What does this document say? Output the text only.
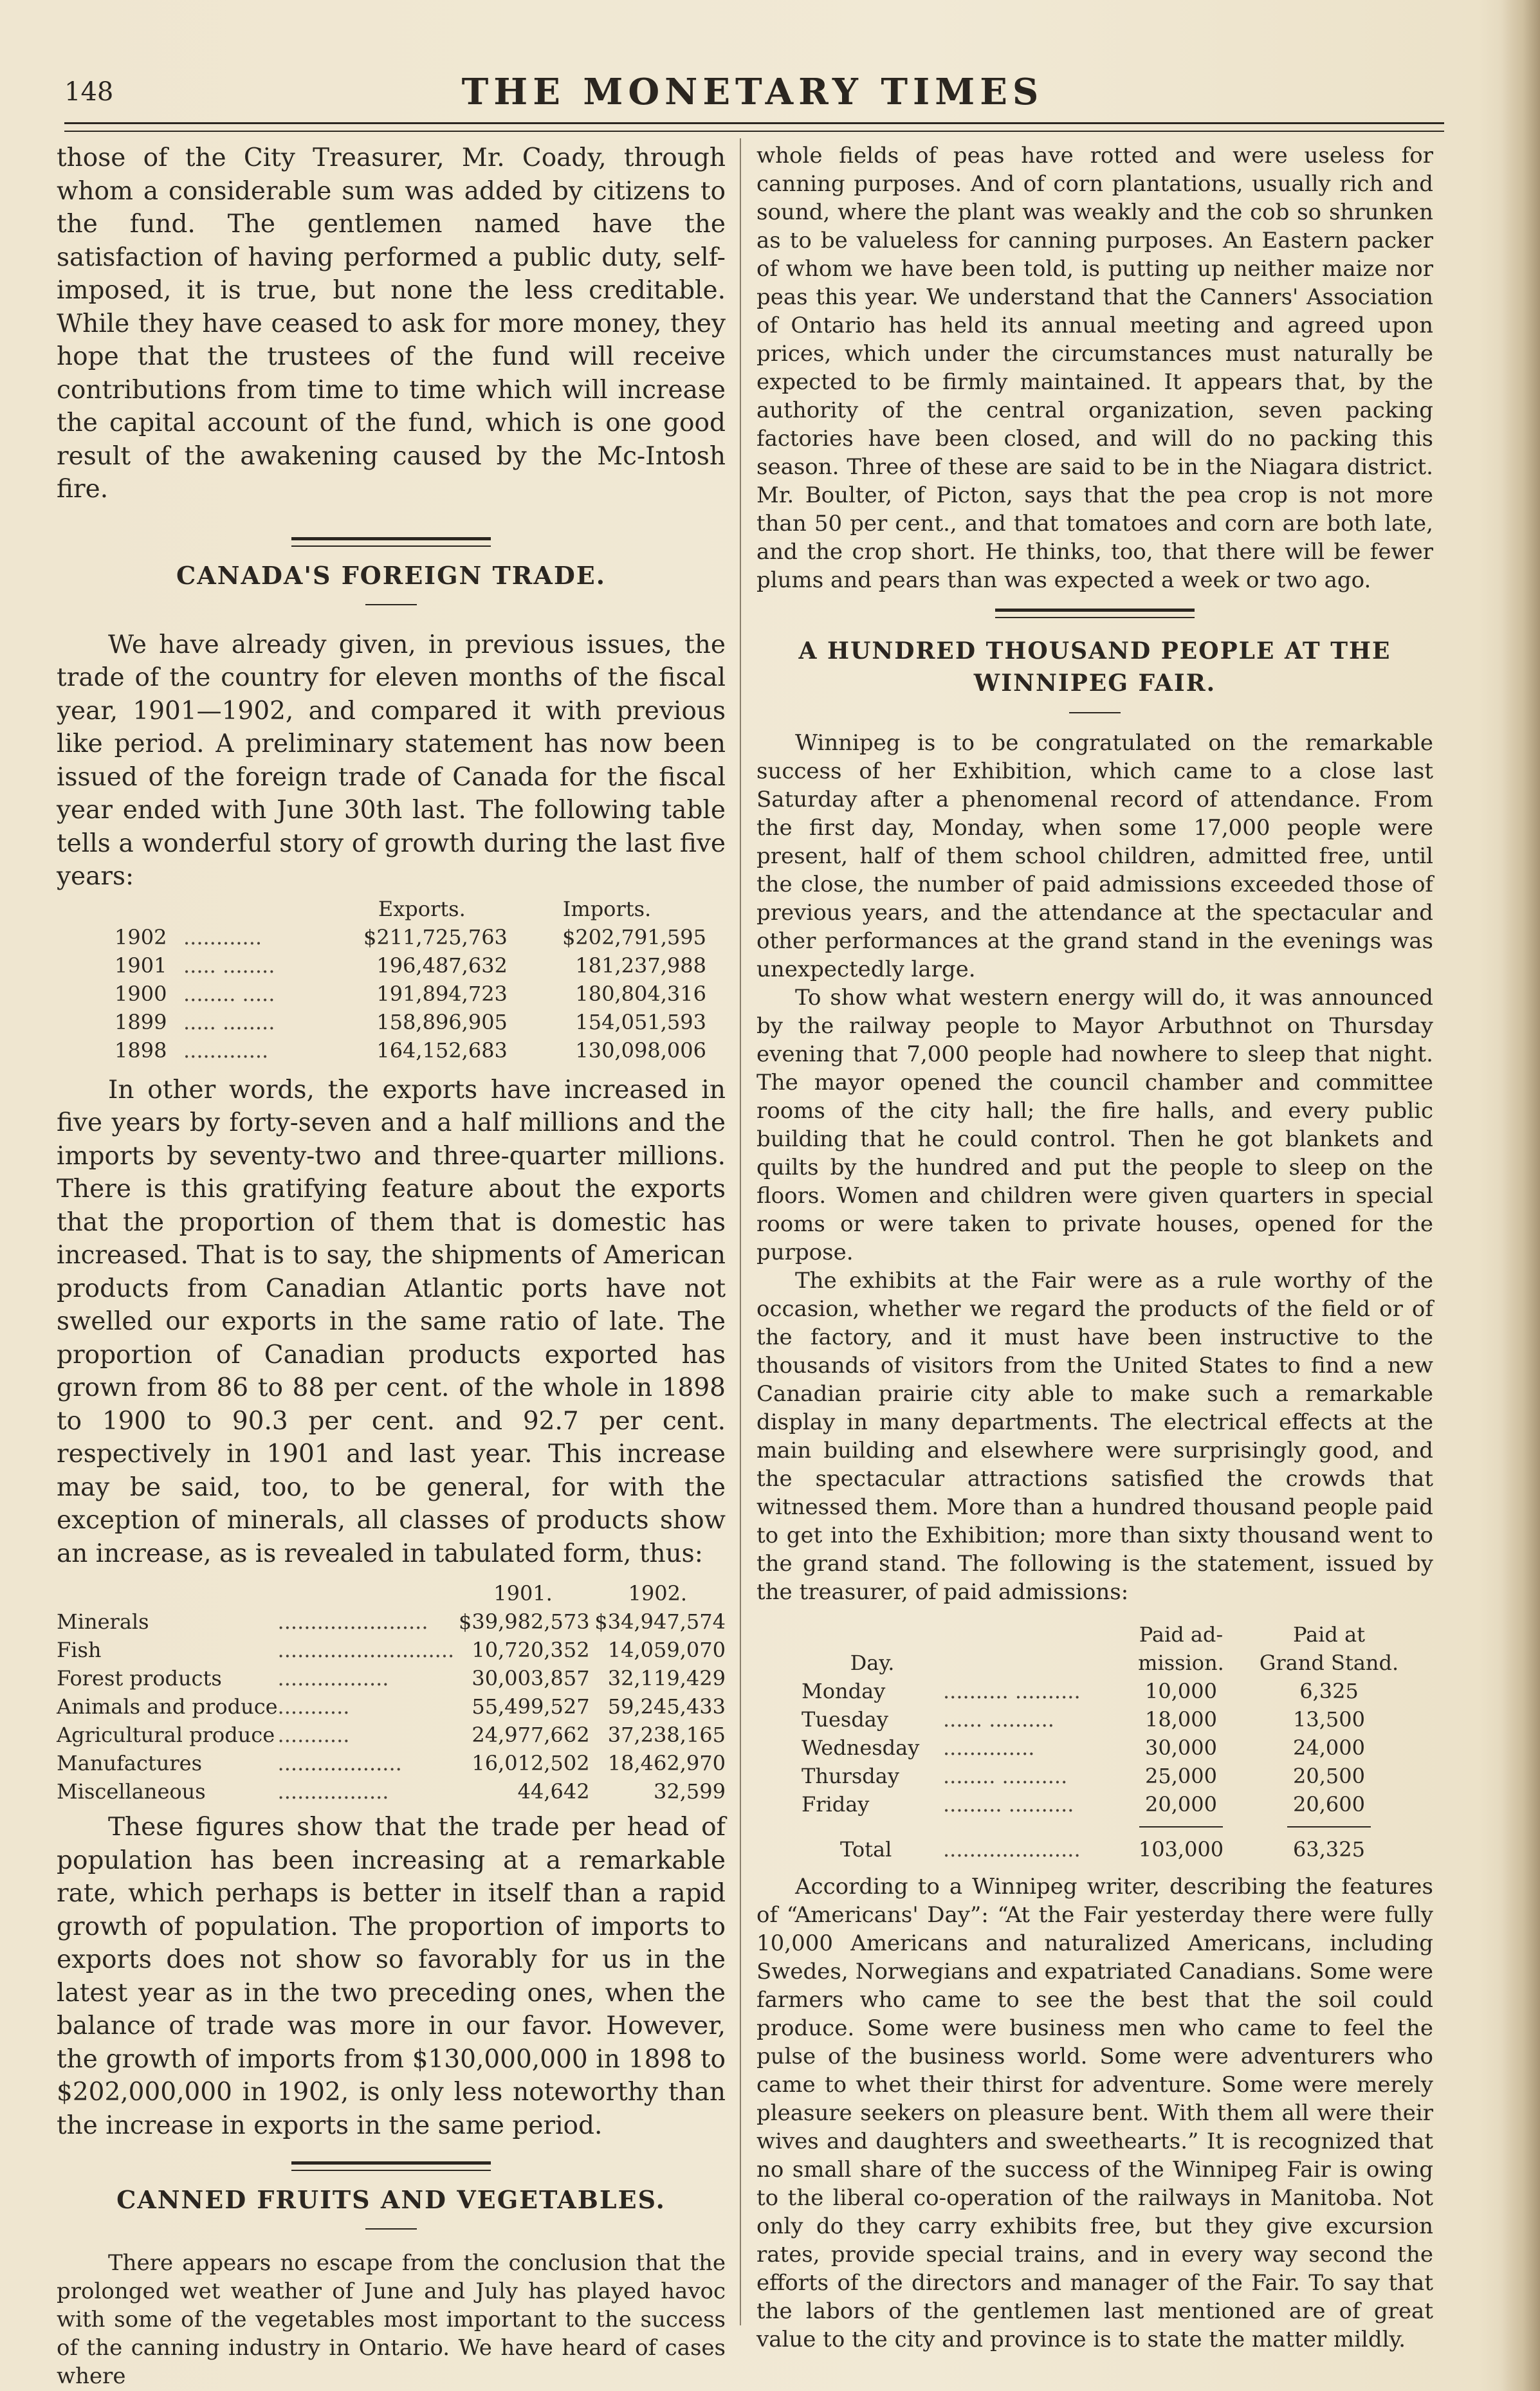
148	THE MONETARY TIMES

those of the City Treasurer, Mr. Coady, through whom a considerable sum was added by citizens to the fund. The gentlemen named have the satisfaction of having performed a public duty, self-imposed, it is true, but none the less creditable. While they have ceased to ask for more money, they hope that the trustees of the fund will receive contributions from time to time which will increase the capital account of the fund, which is one good result of the awakening caused by the Mc-Intosh fire.

CANADA'S FOREIGN TRADE.

We have already given, in previous issues, the trade of the country for eleven months of the fiscal year, 1901—1902, and compared it with previous like period. A preliminary statement has now been issued of the foreign trade of Canada for the fiscal year ended with June 30th last. The following table tells a wonderful story of growth during the last five years:

		Exports.	Imports.
1902	............	$211,725,763	$202,791,595
1901	..... ........	196,487,632	181,237,988
1900	........ .....	191,894,723	180,804,316
1899	..... ........	158,896,905	154,051,593
1898	.............	164,152,683	130,098,006

In other words, the exports have increased in five years by forty-seven and a half millions and the imports by seventy-two and three-quarter millions. There is this gratifying feature about the exports that the proportion of them that is domestic has increased. That is to say, the shipments of American products from Canadian Atlantic ports have not swelled our exports in the same ratio of late. The proportion of Canadian products exported has grown from 86 to 88 per cent. of the whole in 1898 to 1900 to 90.3 per cent. and 92.7 per cent. respectively in 1901 and last year. This increase may be said, too, to be general, for with the exception of minerals, all classes of products show an increase, as is revealed in tabulated form, thus:

		1901.	1902.
Minerals	.......................	$39,982,573	$34,947,574
Fish	...........................	10,720,352	14,059,070
Forest products	.................	30,003,857	32,119,429
Animals and produce	...........	55,499,527	59,245,433
Agricultural produce	...........	24,977,662	37,238,165
Manufactures	...................	16,012,502	18,462,970
Miscellaneous	.................	44,642	32,599

These figures show that the trade per head of population has been increasing at a remarkable rate, which perhaps is better in itself than a rapid growth of population. The proportion of imports to exports does not show so favorably for us in the latest year as in the two preceding ones, when the balance of trade was more in our favor. However, the growth of imports from $130,000,000 in 1898 to $202,000,000 in 1902, is only less noteworthy than the increase in exports in the same period.

CANNED FRUITS AND VEGETABLES.

There appears no escape from the conclusion that the prolonged wet weather of June and July has played havoc with some of the vegetables most important to the success of the canning industry in Ontario. We have heard of cases where

whole fields of peas have rotted and were useless for canning purposes. And of corn plantations, usually rich and sound, where the plant was weakly and the cob so shrunken as to be valueless for canning purposes. An Eastern packer of whom we have been told, is putting up neither maize nor peas this year. We understand that the Canners' Association of Ontario has held its annual meeting and agreed upon prices, which under the circumstances must naturally be expected to be firmly maintained. It appears that, by the authority of the central organization, seven packing factories have been closed, and will do no packing this season. Three of these are said to be in the Niagara district. Mr. Boulter, of Picton, says that the pea crop is not more than 50 per cent., and that tomatoes and corn are both late, and the crop short. He thinks, too, that there will be fewer plums and pears than was expected a week or two ago.

A HUNDRED THOUSAND PEOPLE AT THE
WINNIPEG FAIR.

Winnipeg is to be congratulated on the remarkable success of her Exhibition, which came to a close last Saturday after a phenomenal record of attendance. From the first day, Monday, when some 17,000 people were present, half of them school children, admitted free, until the close, the number of paid admissions exceeded those of previous years, and the attendance at the spectacular and other performances at the grand stand in the evenings was unexpectedly large.

To show what western energy will do, it was announced by the railway people to Mayor Arbuthnot on Thursday evening that 7,000 people had nowhere to sleep that night. The mayor opened the council chamber and committee rooms of the city hall; the fire halls, and every public building that he could control. Then he got blankets and quilts by the hundred and put the people to sleep on the floors. Women and children were given quarters in special rooms or were taken to private houses, opened for the purpose.

The exhibits at the Fair were as a rule worthy of the occasion, whether we regard the products of the field or of the factory, and it must have been instructive to the thousands of visitors from the United States to find a new Canadian prairie city able to make such a remarkable display in many departments. The electrical effects at the main building and elsewhere were surprisingly good, and the spectacular attractions satisfied the crowds that witnessed them. More than a hundred thousand people paid to get into the Exhibition; more than sixty thousand went to the grand stand. The following is the statement, issued by the treasurer, of paid admissions:

		Paid ad-	Paid at
Day.		mission.	Grand Stand.
Monday	.......... ..........	10,000	6,325
Tuesday	...... ..........	18,000	13,500
Wednesday	..............	30,000	24,000
Thursday	........ ..........	25,000	20,500
Friday	......... ..........	20,000	20,600

Total	.....................	103,000	63,325

According to a Winnipeg writer, describing the features of “Americans' Day”: “At the Fair yesterday there were fully 10,000 Americans and naturalized Americans, including Swedes, Norwegians and expatriated Canadians. Some were farmers who came to see the best that the soil could produce. Some were business men who came to feel the pulse of the business world. Some were adventurers who came to whet their thirst for adventure. Some were merely pleasure seekers on pleasure bent. With them all were their wives and daughters and sweethearts.” It is recognized that no small share of the success of the Winnipeg Fair is owing to the liberal co-operation of the railways in Manitoba. Not only do they carry exhibits free, but they give excursion rates, provide special trains, and in every way second the efforts of the directors and manager of the Fair. To say that the labors of the gentlemen last mentioned are of great value to the city and province is to state the matter mildly.
